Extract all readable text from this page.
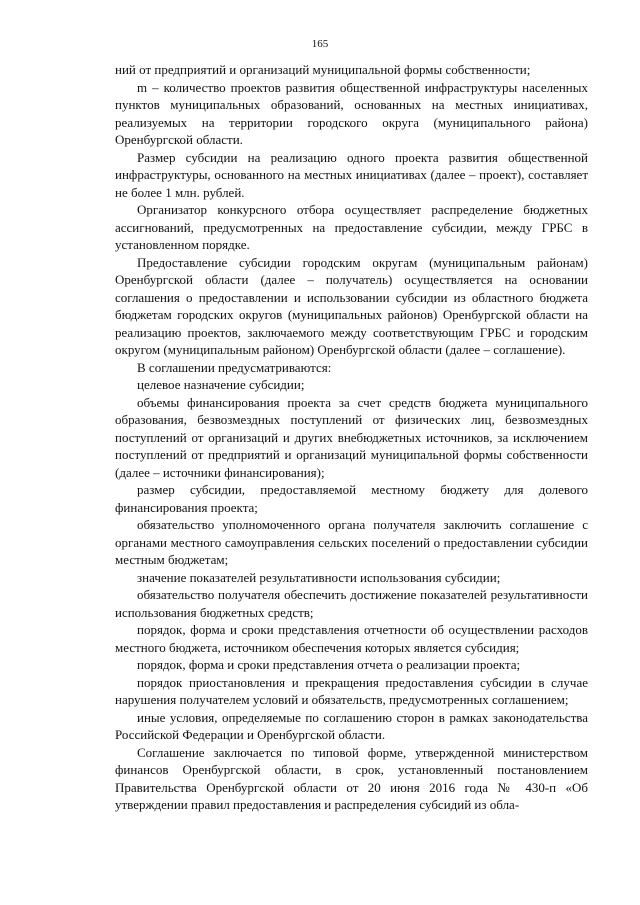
165

ний от предприятий и организаций муниципальной формы собственности;

m – количество проектов развития общественной инфраструктуры населенных пунктов муниципальных образований, основанных на местных инициативах, реализуемых на территории городского округа (муниципального района) Оренбургской области.

Размер субсидии на реализацию одного проекта развития общественной инфраструктуры, основанного на местных инициативах (далее – проект), составляет не более 1 млн. рублей.

Организатор конкурсного отбора осуществляет распределение бюджетных ассигнований, предусмотренных на предоставление субсидии, между ГРБС в установленном порядке.

Предоставление субсидии городским округам (муниципальным районам) Оренбургской области (далее – получатель) осуществляется на основании соглашения о предоставлении и использовании субсидии из областного бюджета бюджетам городских округов (муниципальных районов) Оренбургской области на реализацию проектов, заключаемого между соответствующим ГРБС и городским округом (муниципальным районом) Оренбургской области (далее – соглашение).

В соглашении предусматриваются:

целевое назначение субсидии;

объемы финансирования проекта за счет средств бюджета муниципального образования, безвозмездных поступлений от физических лиц, безвозмездных поступлений от организаций и других внебюджетных источников, за исключением поступлений от предприятий и организаций муниципальной формы собственности (далее – источники финансирования);

размер субсидии, предоставляемой местному бюджету для долевого финансирования проекта;

обязательство уполномоченного органа получателя заключить соглашение с органами местного самоуправления сельских поселений о предоставлении субсидии местным бюджетам;

значение показателей результативности использования субсидии;

обязательство получателя обеспечить достижение показателей результативности использования бюджетных средств;

порядок, форма и сроки представления отчетности об осуществлении расходов местного бюджета, источником обеспечения которых является субсидия;

порядок, форма и сроки представления отчета о реализации проекта;

порядок приостановления и прекращения предоставления субсидии в случае нарушения получателем условий и обязательств, предусмотренных соглашением;

иные условия, определяемые по соглашению сторон в рамках законодательства Российской Федерации и Оренбургской области.

Соглашение заключается по типовой форме, утвержденной министерством финансов Оренбургской области, в срок, установленный постановлением Правительства Оренбургской области от 20 июня 2016 года № 430-п «Об утверждении правил предоставления и распределения субсидий из обла-
